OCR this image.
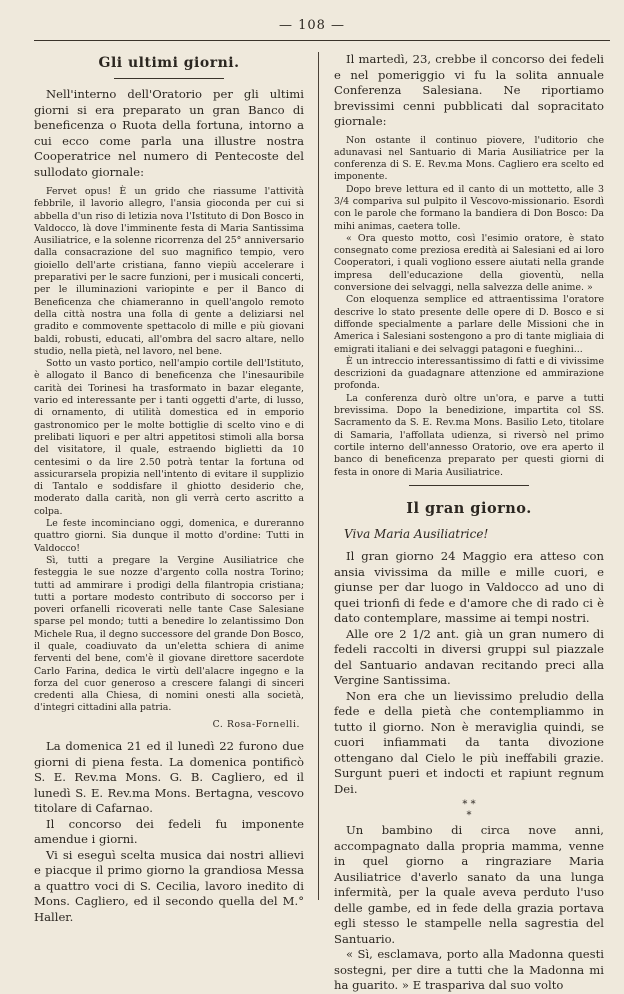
— 108 —
Gli ultimi giorni.

Nell'interno dell'Oratorio per gli ultimi giorni si era preparato un gran Banco di beneficenza o Ruota della fortuna, intorno a cui ecco come parla una illustre nostra Cooperatrice nel numero di Pentecoste del sullodato giornale:

Fervet opus! È un grido che riassume l'attività febbrile, il lavorio allegro, l'ansia gioconda per cui si abbella d'un riso di letizia nova l'Istituto di Don Bosco in Valdocco, là dove l'imminente festa di Maria Santissima Ausiliatrice, e la solenne ricorrenza del 25° anniversario dalla consacrazione del suo magnifico tempio, vero gioiello dell'arte cristiana, fanno viepiù accelerare i preparativi per le sacre funzioni, per i musicali concerti, per le illuminazioni variopinte e per il Banco di Beneficenza che chiameranno in quell'angolo remoto della città nostra una folla di gente a deliziarsi nel gradito e commovente spettacolo di mille e più giovani baldi, robusti, educati, all'ombra del sacro altare, nello studio, nella pietà, nel lavoro, nel bene.

Sotto un vasto portico, nell'ampio cortile dell'Istituto, è allogato il Banco di beneficenza che l'inesauribile carità dei Torinesi ha trasformato in bazar elegante, vario ed interessante per i tanti oggetti d'arte, di lusso, di ornamento, di utilità domestica ed in emporio gastronomico per le molte bottiglie di scelto vino e di prelibati liquori e per altri appetitosi stimoli alla borsa del visitatore, il quale, estraendo biglietti da 10 centesimi o da lire 2.50 potrà tentar la fortuna od assicurarsela propizia nell'intento di evitare il supplizio di Tantalo e soddisfare il ghiotto desiderio che, moderato dalla carità, non gli verrà certo ascritto a colpa.

Le feste incominciano oggi, domenica, e dureranno quattro giorni. Sia dunque il motto d'ordine: Tutti in Valdocco!

Sì, tutti a pregare la Vergine Ausiliatrice che festeggia le sue nozze d'argento colla nostra Torino; tutti ad ammirare i prodigi della filantropia cristiana; tutti a portare modesto contributo di soccorso per i poveri orfanelli ricoverati nelle tante Case Salesiane sparse pel mondo; tutti a benedire lo zelantissimo Don Michele Rua, il degno successore del grande Don Bosco, il quale, coadiuvato da un'eletta schiera di anime ferventi del bene, com'è il giovane direttore sacerdote Carlo Farina, dedica le virtù dell'alacre ingegno e la forza del cuor generoso a crescere falangi di sinceri credenti alla Chiesa, di nomini onesti alla società, d'integri cittadini alla patria.

C. Rosa-Fornelli.

La domenica 21 ed il lunedì 22 furono due giorni di piena festa. La domenica pontificò S. E. Rev.ma Mons. G. B. Cagliero, ed il lunedì S. E. Rev.ma Mons. Bertagna, vescovo titolare di Cafarnao.

Il concorso dei fedeli fu imponente amendue i giorni.

Vi si eseguì scelta musica dai nostri allievi e piacque il primo giorno la grandiosa Messa a quattro voci di S. Cecilia, lavoro inedito di Mons. Cagliero, ed il secondo quella del M.° Haller.

Il martedì, 23, crebbe il concorso dei fedeli e nel pomeriggio vi fu la solita annuale Conferenza Salesiana. Ne riportiamo brevissimi cenni pubblicati dal sopracitato giornale:

Non ostante il continuo piovere, l'uditorio che adunavasi nel Santuario di Maria Ausiliatrice per la conferenza di S. E. Rev.ma Mons. Cagliero era scelto ed imponente.

Dopo breve lettura ed il canto di un mottetto, alle 3 3/4 compariva sul pulpito il Vescovo-missionario. Esordì con le parole che formano la bandiera di Don Bosco: Da mihi animas, caetera tolle.

« Ora questo motto, così l'esimio oratore, è stato consegnato come preziosa eredità ai Salesiani ed ai loro Cooperatori, i quali vogliono essere aiutati nella grande impresa dell'educazione della gioventù, nella conversione dei selvaggi, nella salvezza delle anime. »

Con eloquenza semplice ed attraentissima l'oratore descrive lo stato presente delle opere di D. Bosco e si diffonde specialmente a parlare delle Missioni che in America i Salesiani sostengono a pro di tante migliaia di emigrati italiani e dei selvaggi patagoni e fueghini...

È un intreccio interessantissimo di fatti e di vivissime descrizioni da guadagnare attenzione ed ammirazione profonda.

La conferenza durò oltre un'ora, e parve a tutti brevissima. Dopo la benedizione, impartita col SS. Sacramento da S. E. Rev.ma Mons. Basilio Leto, titolare di Samaria, l'affollata udienza, si riversò nel primo cortile interno dell'annesso Oratorio, ove era aperto il banco di beneficenza preparato per questi giorni di festa in onore di Maria Ausiliatrice.

Il gran giorno.
Viva Maria Ausiliatrice!

Il gran giorno 24 Maggio era atteso con ansia vivissima da mille e mille cuori, e giunse per dar luogo in Valdocco ad uno di quei trionfi di fede e d'amore che di rado ci è dato contemplare, massime ai tempi nostri.

Alle ore 2 1/2 ant. già un gran numero di fedeli raccolti in diversi gruppi sul piazzale del Santuario andavan recitando preci alla Vergine Santissima.

Non era che un lievissimo preludio della fede e della pietà che contempliammo in tutto il giorno. Non è meraviglia quindi, se cuori infiammati da tanta divozione ottengano dal Cielo le più ineffabili grazie. Surgunt pueri et indocti et rapiunt regnum Dei.

* *
*

Un bambino di circa nove anni, accompagnato dalla propria mamma, venne in quel giorno a ringraziare Maria Ausiliatrice d'averlo sanato da una lunga infermità, per la quale aveva perduto l'uso delle gambe, ed in fede della grazia portava egli stesso le stampelle nella sagrestia del Santuario.

« Sì, esclamava, porto alla Madonna questi sostegni, per dire a tutti che la Madonna mi ha guarito. » E traspariva dal suo volto
